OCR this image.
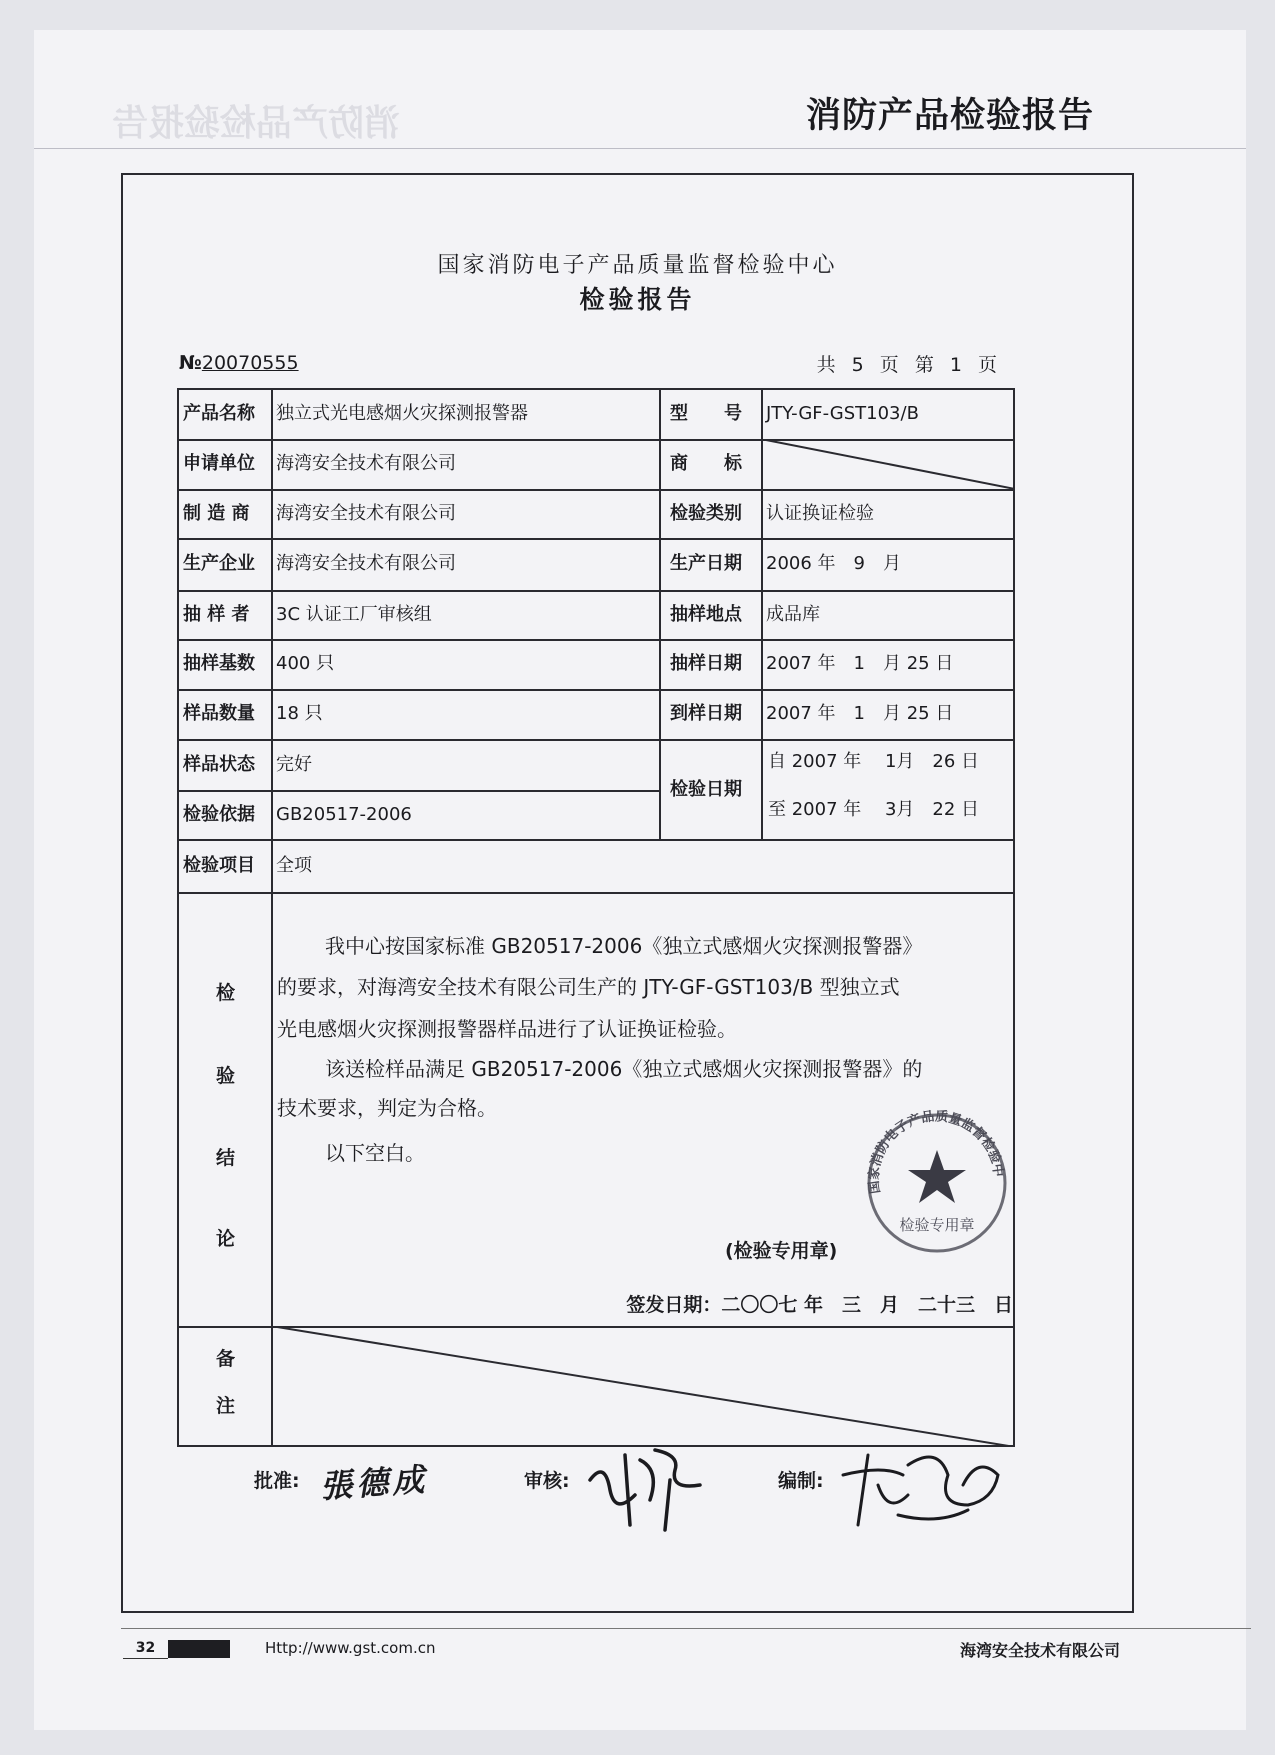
消防产品检验报告	消防产品检验报告
国家消防电子产品质量监督检验中心
检验报告
№20070555	共 5 页 第 1 页
产品名称 独立式光电感烟火灾探测报警器	型　　号 JTY-GF-GST103/B
申请单位 海湾安全技术有限公司	商　　标
制 造 商 海湾安全技术有限公司	检验类别 认证换证检验
生产企业 海湾安全技术有限公司	生产日期 2006 年　9　月
抽 样 者 3C 认证工厂审核组	抽样地点 成品库
抽样基数 400 只	抽样日期 2007 年　1　月 25 日
样品数量 18 只	到样日期 2007 年　1　月 25 日
样品状态 完好
检验依据 GB20517-2006
检验项目 全项
检验日期
自 2007 年　 1月　26 日
至 2007 年　 3月　22 日
我中心按国家标准 GB20517-2006《独立式感烟火灾探测报警器》
的要求，对海湾安全技术有限公司生产的 JTY-GF-GST103/B 型独立式
光电感烟火灾探测报警器样品进行了认证换证检验。
该送检样品满足 GB20517-2006《独立式感烟火灾探测报警器》的
技术要求，判定为合格。
以下空白。
检
验
结
论
备
注
国家消防电子产品质量监督检验中
检验专用章
(检验专用章)
签发日期：二〇〇七 年　三　月　二十三　日
批准: 張德成	审核:	编制:
32	Http://www.gst.com.cn	海湾安全技术有限公司
